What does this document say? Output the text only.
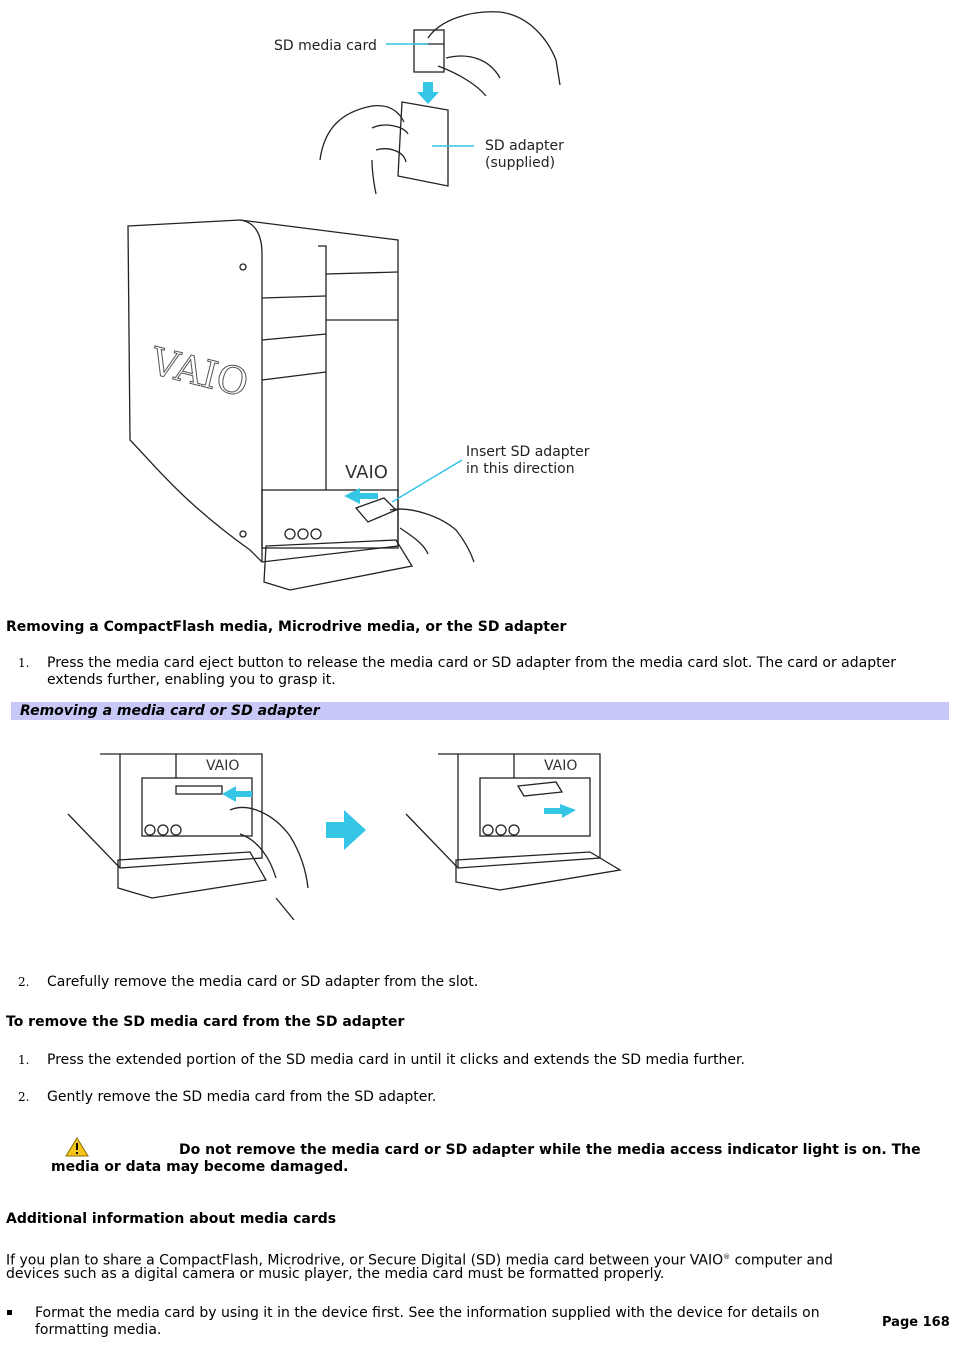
SD media card
SD adapter
(supplied)
VAIO
VAIO
Insert SD adapter
in this direction
Removing a CompactFlash media, Microdrive media, or the SD adapter
1. Press the media card eject button to release the media card or SD adapter from the media card slot. The card or adapter extends further, enabling you to grasp it.
Removing a media card or SD adapter
VAIO	VAIO
2. Carefully remove the media card or SD adapter from the slot.
To remove the SD media card from the SD adapter
1. Press the extended portion of the SD media card in until it clicks and extends the SD media further.
2. Gently remove the SD media card from the SD adapter.
Do not remove the media card or SD adapter while the media access indicator light is on. The
media or data may become damaged.
Additional information about media cards
If you plan to share a CompactFlash, Microdrive, or Secure Digital (SD) media card between your VAIO® computer and
devices such as a digital camera or music player, the media card must be formatted properly.
Format the media card by using it in the device first. See the information supplied with the device for details on
formatting media.	Page 168
